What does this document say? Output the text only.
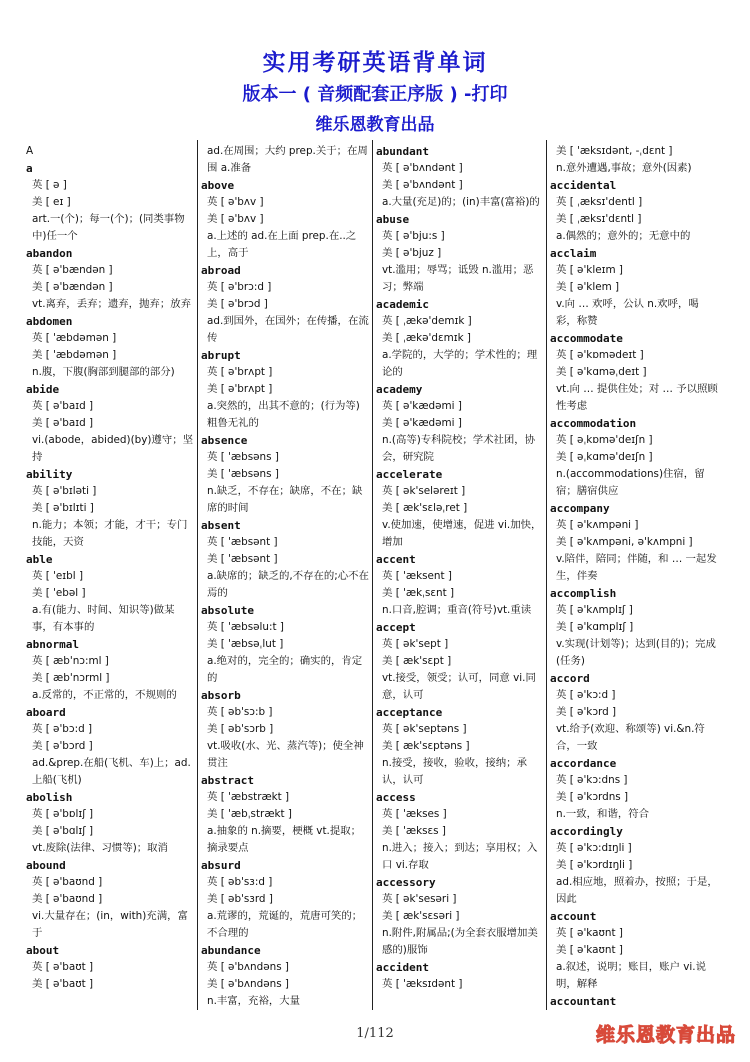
实用考研英语背单词
版本一 ( 音频配套正序版 ) -打印
维乐恩教育出品
A
a
英 [ ə ]
美 [ eɪ ]
art.一(个)；每一(个)；(同类事物中)任一个
abandon
英 [ ə'bændən ]
美 [ ə'bændən ]
vt.离弃，丢弃；遗弃，抛弃；放弃
abdomen
英 [ 'æbdəmən ]
美 [ 'æbdəmən ]
n.腹，下腹(胸部到腿部的部分)
abide
英 [ ə'baɪd ]
美 [ ə'baɪd ]
vi.(abode，abided)(by)遵守；坚持
ability
英 [ ə'bɪləti ]
美 [ ə'bɪlɪti ]
n.能力；本领；才能，才干；专门技能，天资
able
英 [ 'eɪbl ]
美 [ 'ebəl ]
a.有(能力、时间、知识等)做某事，有本事的
abnormal
英 [ æb'nɔ:ml ]
美 [ æb'nɔrml ]
a.反常的，不正常的，不规则的
aboard
英 [ ə'bɔ:d ]
美 [ ə'bɔrd ]
ad.&prep.在船(飞机、车)上；ad.上船(飞机)
abolish
英 [ ə'bɒlɪʃ ]
美 [ ə'bɑlɪʃ ]
vt.废除(法律、习惯等)；取消
abound
英 [ ə'baʊnd ]
美 [ ə'baʊnd ]
vi.大量存在；(in，with)充满，富于
about
英 [ ə'baʊt ]
美 [ ə'baʊt ]
ad.在周围；大约 prep.关于；在周围 a.准备
above
英 [ ə'bʌv ]
美 [ ə'bʌv ]
a.上述的 ad.在上面 prep.在..之上，高于
abroad
英 [ ə'brɔ:d ]
美 [ ə'brɔd ]
ad.到国外，在国外；在传播，在流传
abrupt
英 [ ə'brʌpt ]
美 [ ə'brʌpt ]
a.突然的，出其不意的；(行为等)粗鲁无礼的
absence
英 [ 'æbsəns ]
美 [ 'æbsəns ]
n.缺乏，不存在；缺席，不在；缺席的时间
absent
英 [ 'æbsənt ]
美 [ 'æbsənt ]
a.缺席的；缺乏的,不存在的;心不在焉的
absolute
英 [ 'æbsəlu:t ]
美 [ 'æbsəˌlut ]
a.绝对的，完全的；确实的，肯定的
absorb
英 [ əb'sɔ:b ]
美 [ əb'sɔrb ]
vt.吸收(水、光、蒸汽等)；使全神贯注
abstract
英 [ 'æbstrækt ]
美 [ 'æbˌstrækt ]
a.抽象的 n.摘要，梗概 vt.提取；摘录要点
absurd
英 [ əb'sɜ:d ]
美 [ əb'sɜrd ]
a.荒谬的，荒诞的，荒唐可笑的；不合理的
abundance
英 [ ə'bʌndəns ]
美 [ ə'bʌndəns ]
n.丰富，充裕，大量
abundant
英 [ ə'bʌndənt ]
美 [ ə'bʌndənt ]
a.大量(充足)的；(in)丰富(富裕)的
abuse
英 [ ə'bju:s ]
美 [ ə'bjuz ]
vt.滥用；辱骂；诋毁 n.滥用；恶习；弊端
academic
英 [ ˌækə'demɪk ]
美 [ ˌækə'dɛmɪk ]
a.学院的，大学的；学术性的；理论的
academy
英 [ ə'kædəmi ]
美 [ ə'kædəmi ]
n.(高等)专科院校；学术社团，协会，研究院
accelerate
英 [ ək'seləreɪt ]
美 [ æk'sɛləˌret ]
v.使加速，使增速，促进 vi.加快，增加
accent
英 [ 'æksent ]
美 [ 'ækˌsɛnt ]
n.口音,腔调；重音(符号)vt.重读
accept
英 [ ək'sept ]
美 [ æk'sɛpt ]
vt.接受，领受；认可，同意 vi.同意，认可
acceptance
英 [ ək'septəns ]
美 [ æk'sɛptəns ]
n.接受，接收，验收，接纳；承认，认可
access
英 [ 'ækses ]
美 [ 'æksɛs ]
n.进入；接入；到达；享用权；入口 vi.存取
accessory
英 [ ək'sesəri ]
美 [ æk'sɛsəri ]
n.附件,附属品;(为全套衣服增加美感的)服饰
accident
英 [ 'æksɪdənt ]
美 [ 'æksɪdənt, -ˌdɛnt ]
n.意外遭遇,事故；意外(因素)
accidental
英 [ ˌæksɪ'dentl ]
美 [ ˌæksɪ'dɛntl ]
a.偶然的；意外的；无意中的
acclaim
英 [ ə'kleɪm ]
美 [ ə'klem ]
v.向 … 欢呼，公认 n.欢呼，喝彩，称赞
accommodate
英 [ ə'kɒmədeɪt ]
美 [ ə'kɑməˌdeɪt ]
vt.向 … 提供住处；对 … 予以照顾性考虑
accommodation
英 [ əˌkɒmə'deɪʃn ]
美 [ əˌkɑmə'deɪʃn ]
n.(accommodations)住宿，留宿；膳宿供应
accompany
英 [ ə'kʌmpəni ]
美 [ ə'kʌmpəni, ə'kʌmpni ]
v.陪伴，陪同；伴随，和 … 一起发生，伴奏
accomplish
英 [ ə'kʌmplɪʃ ]
美 [ ə'kɑmplɪʃ ]
v.实现(计划等)；达到(目的)；完成(任务)
accord
英 [ ə'kɔ:d ]
美 [ ə'kɔrd ]
vt.给予(欢迎、称颂等) vi.&n.符合，一致
accordance
英 [ ə'kɔ:dns ]
美 [ ə'kɔrdns ]
n.一致，和谐，符合
accordingly
英 [ ə'kɔ:dɪŋli ]
美 [ ə'kɔrdɪŋli ]
ad.相应地，照着办，按照；于是，因此
account
英 [ ə'kaʊnt ]
美 [ ə'kaʊnt ]
a.叙述，说明；账目，账户 vi.说明，解释
accountant
1/112	维乐恩教育出品
